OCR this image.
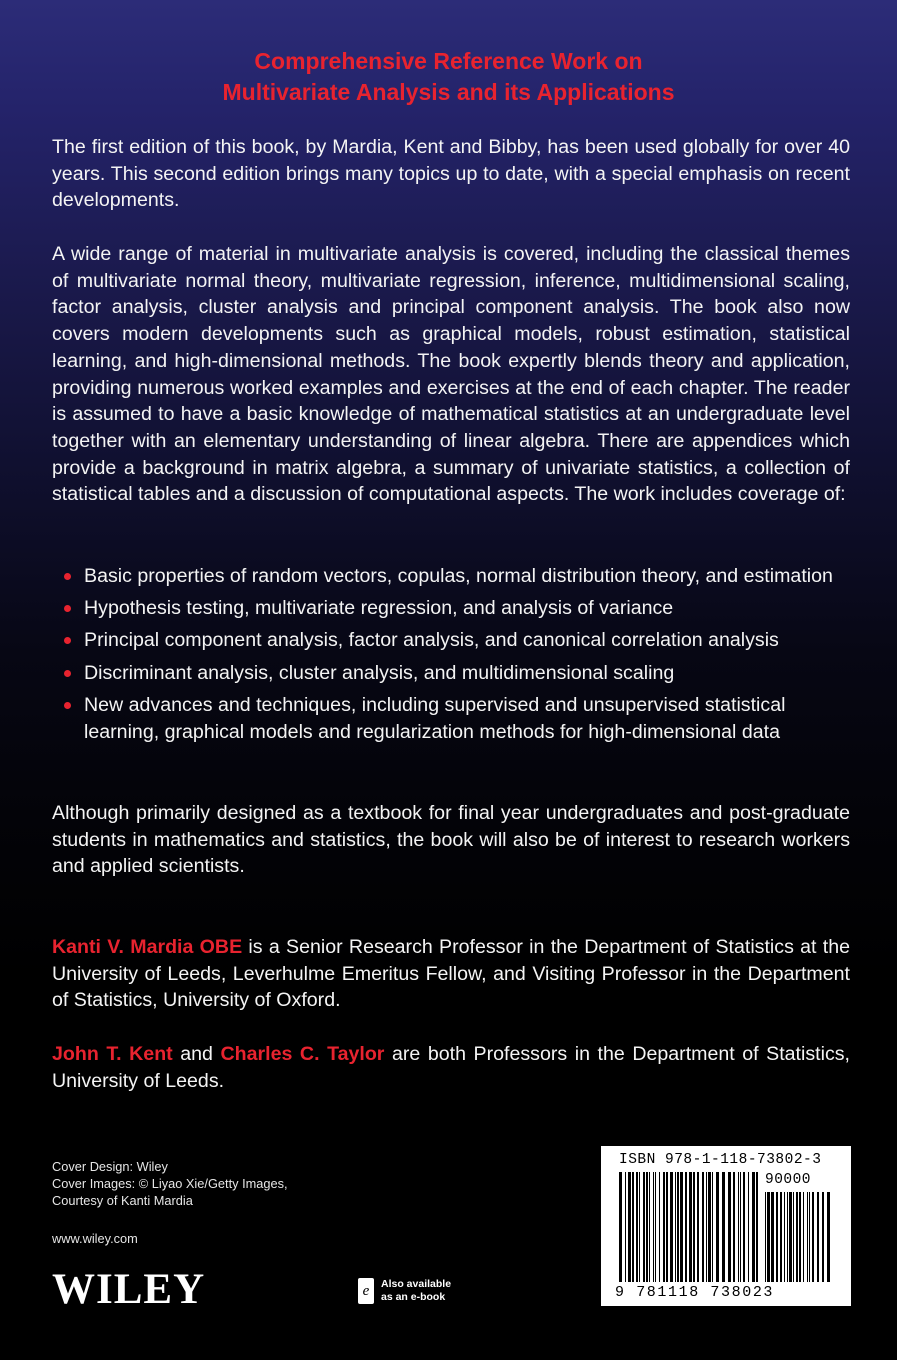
Comprehensive Reference Work on
Multivariate Analysis and its Applications

The first edition of this book, by Mardia, Kent and Bibby, has been used globally for over 40 years. This second edition brings many topics up to date, with a special emphasis on recent developments.

A wide range of material in multivariate analysis is covered, including the classical themes of multivariate normal theory, multivariate regression, inference, multidimensional scaling, factor analysis, cluster analysis and principal component analysis. The book also now covers modern developments such as graphical models, robust estimation, statistical learning, and high-dimensional methods. The book expertly blends theory and application, providing numerous worked examples and exercises at the end of each chapter. The reader is assumed to have a basic knowledge of mathematical statistics at an undergraduate level together with an elementary understanding of linear algebra. There are appendices which provide a background in matrix algebra, a summary of univariate statistics, a collection of statistical tables and a discussion of computational aspects. The work includes coverage of:

Basic properties of random vectors, copulas, normal distribution theory, and estimation
Hypothesis testing, multivariate regression, and analysis of variance
Principal component analysis, factor analysis, and canonical correlation analysis
Discriminant analysis, cluster analysis, and multidimensional scaling
New advances and techniques, including supervised and unsupervised statistical learning, graphical models and regularization methods for high-dimensional data

Although primarily designed as a textbook for final year undergraduates and post-graduate students in mathematics and statistics, the book will also be of interest to research workers and applied scientists.

Kanti V. Mardia OBE is a Senior Research Professor in the Department of Statistics at the University of Leeds, Leverhulme Emeritus Fellow, and Visiting Professor in the Department of Statistics, University of Oxford.

John T. Kent and Charles C. Taylor are both Professors in the Department of Statistics, University of Leeds.

Cover Design: Wiley
Cover Images: © Liyao Xie/Getty Images,
Courtesy of Kanti Mardia
www.wiley.com
WILEY	e	Also available
as an e-book
ISBN 978-1-118-73802-3
90000
9 781118 738023
